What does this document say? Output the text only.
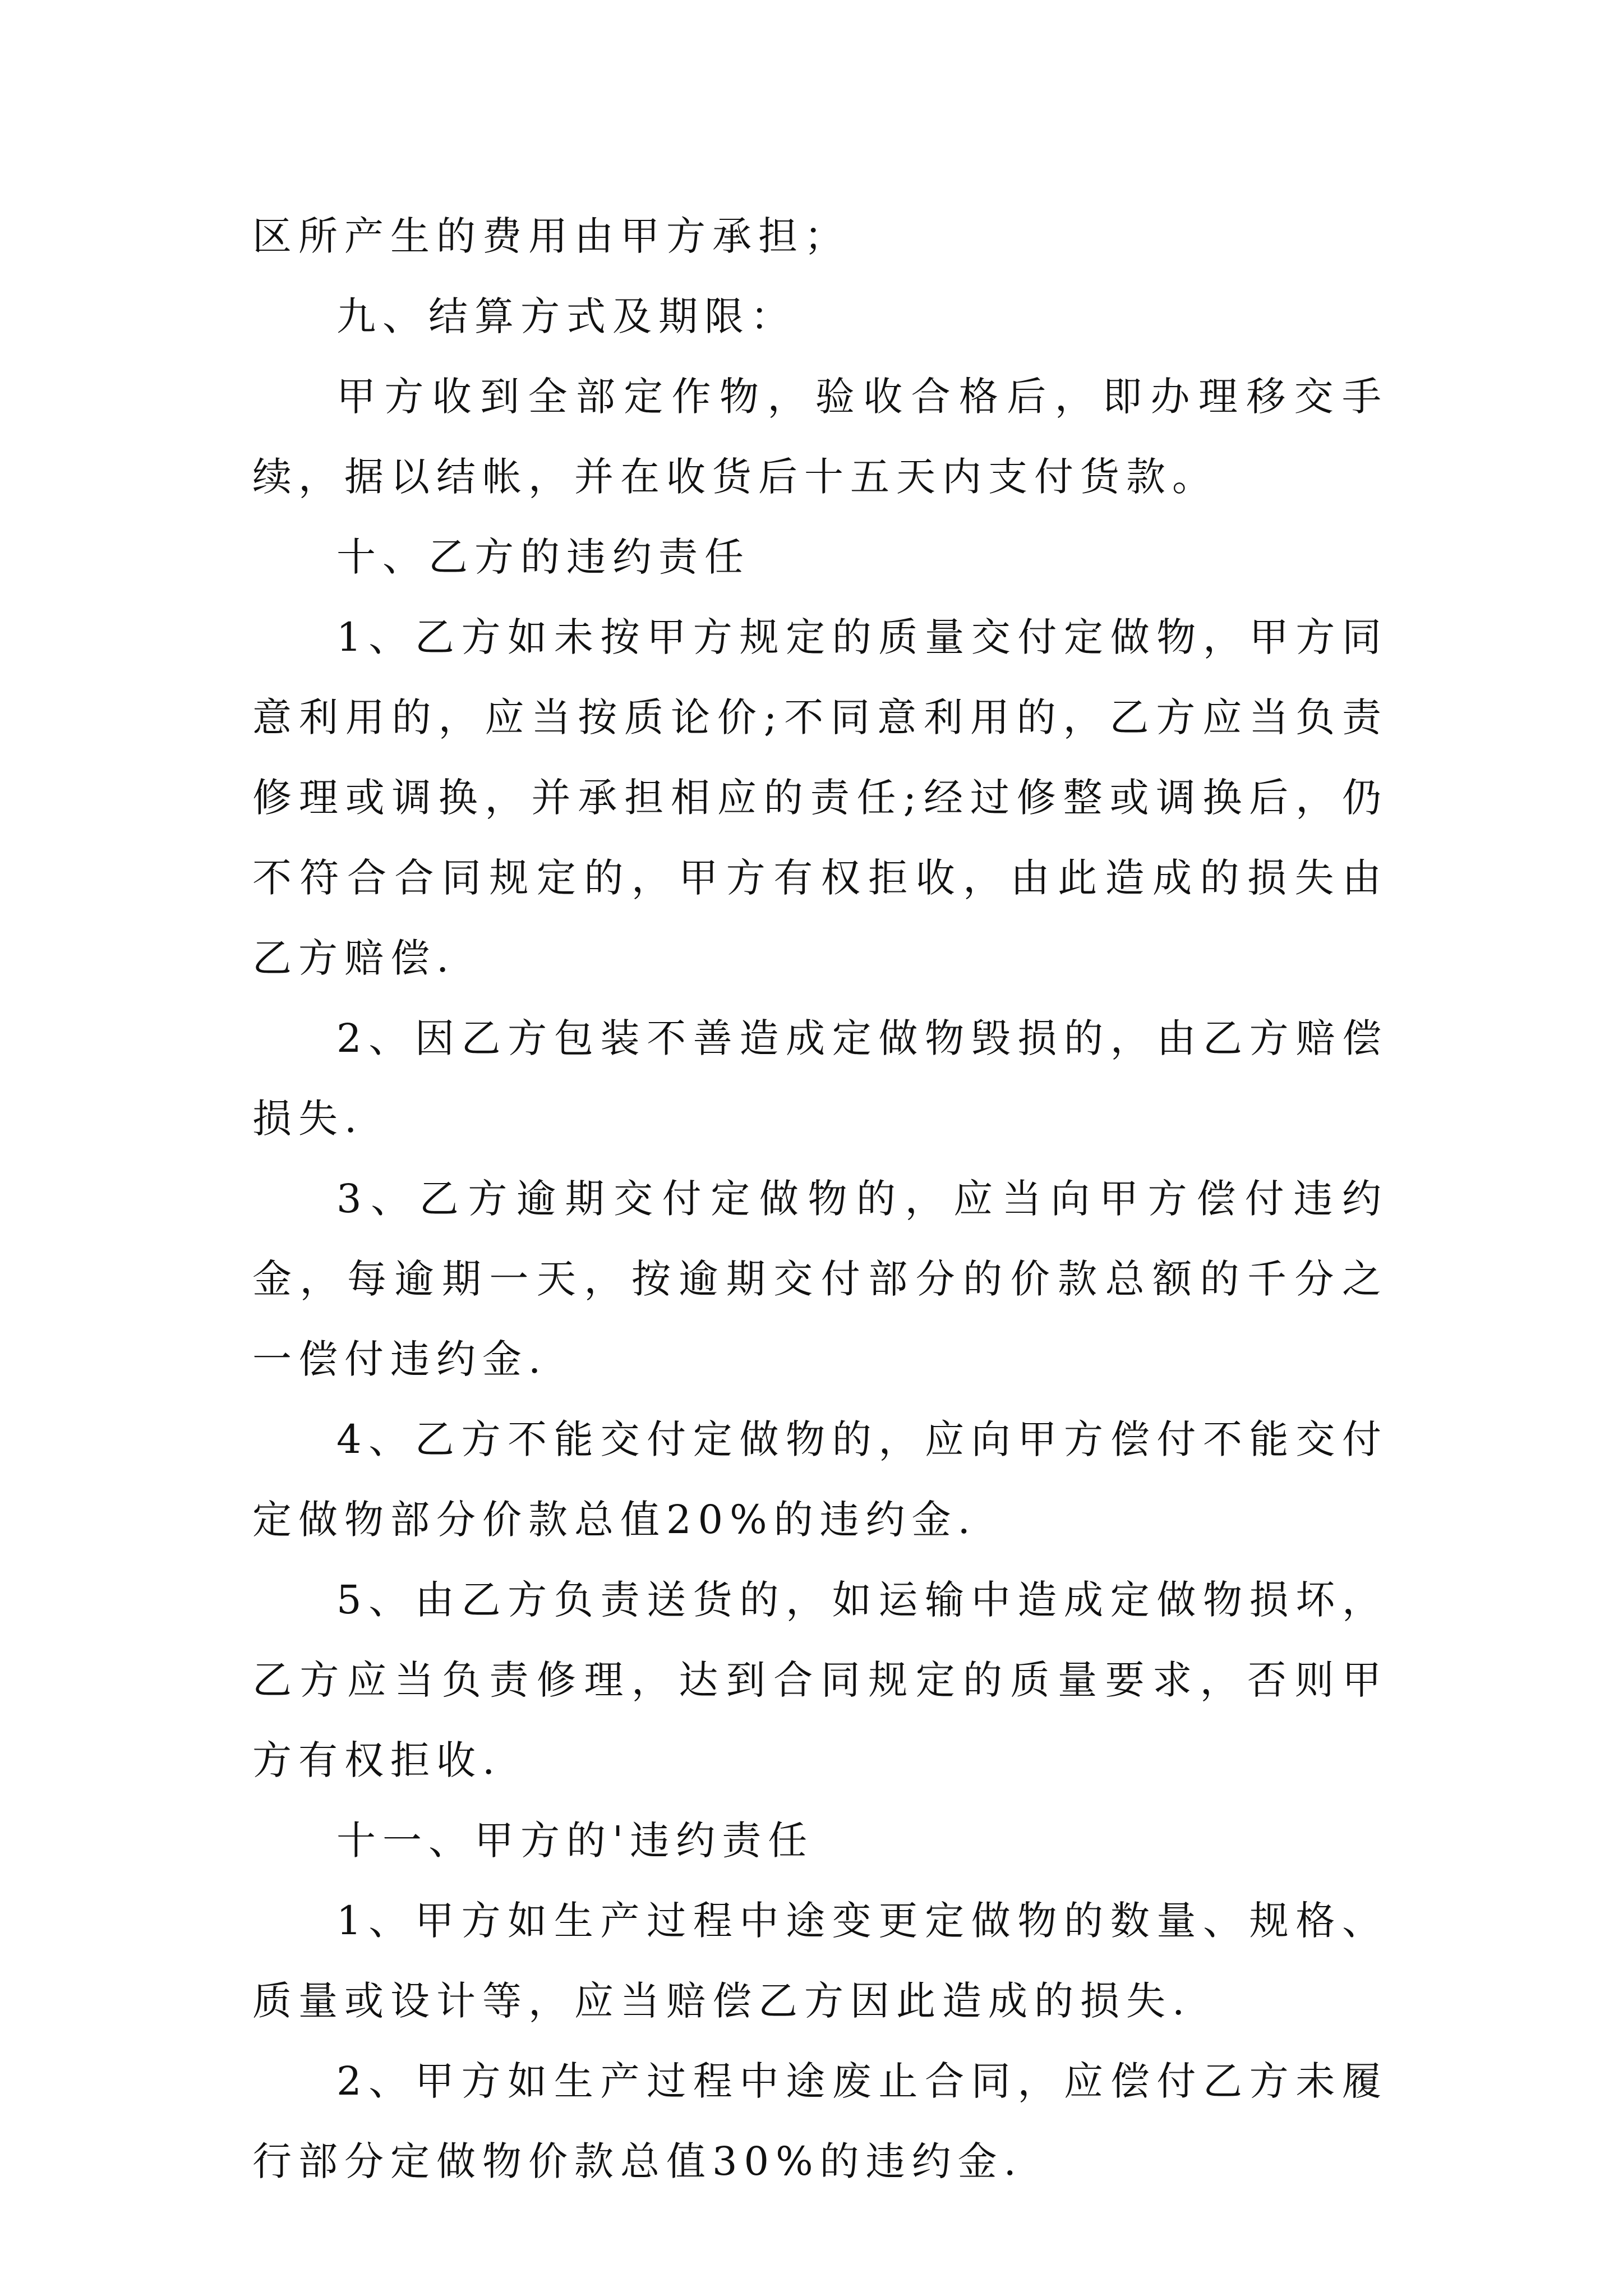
区所产生的费用由甲方承担；

九、结算方式及期限：

甲方收到全部定作物，验收合格后，即办理移交手续，据以结帐，并在收货后十五天内支付货款。

十、乙方的违约责任

1、乙方如未按甲方规定的质量交付定做物，甲方同意利用的，应当按质论价;不同意利用的，乙方应当负责修理或调换，并承担相应的责任;经过修整或调换后，仍不符合合同规定的，甲方有权拒收，由此造成的损失由乙方赔偿.

2、因乙方包装不善造成定做物毁损的，由乙方赔偿损失.

3、乙方逾期交付定做物的，应当向甲方偿付违约金，每逾期一天，按逾期交付部分的价款总额的千分之一偿付违约金.

4、乙方不能交付定做物的，应向甲方偿付不能交付定做物部分价款总值20%的违约金.

5、由乙方负责送货的，如运输中造成定做物损坏，乙方应当负责修理，达到合同规定的质量要求，否则甲方有权拒收.

十一、甲方的'违约责任

1、甲方如生产过程中途变更定做物的数量、规格、质量或设计等，应当赔偿乙方因此造成的损失.

2、甲方如生产过程中途废止合同，应偿付乙方未履行部分定做物价款总值30%的违约金.
